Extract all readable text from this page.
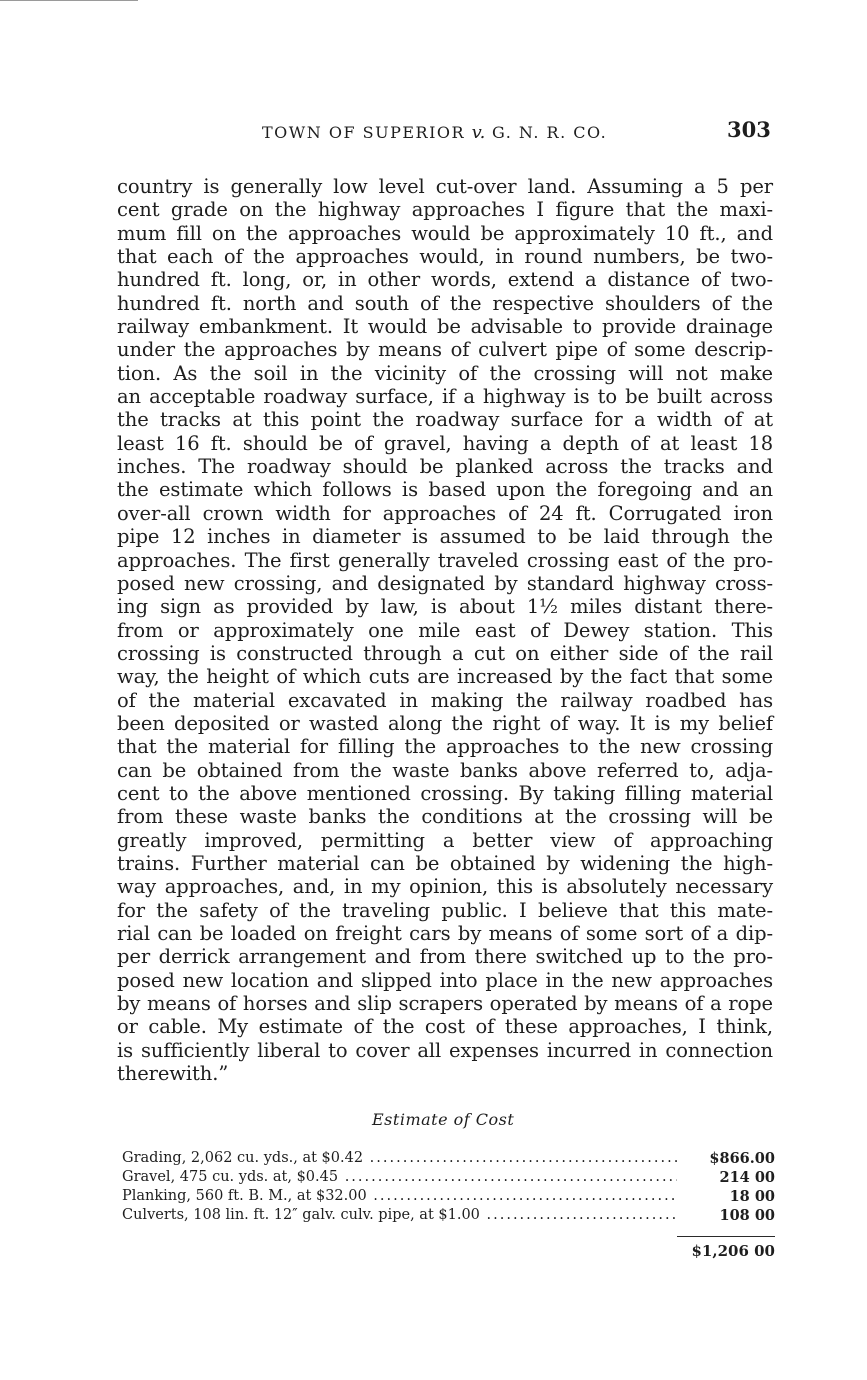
TOWN OF SUPERIOR v. G. N. R. CO.	303
country is generally low level cut-over land. Assuming a 5 per
cent grade on the highway approaches I figure that the maxi-
mum fill on the approaches would be approximately 10 ft., and
that each of the approaches would, in round numbers, be two-
hundred ft. long, or, in other words, extend a distance of two-
hundred ft. north and south of the respective shoulders of the
railway embankment. It would be advisable to provide drainage
under the approaches by means of culvert pipe of some descrip-
tion. As the soil in the vicinity of the crossing will not make
an acceptable roadway surface, if a highway is to be built across
the tracks at this point the roadway surface for a width of at
least 16 ft. should be of gravel, having a depth of at least 18
inches. The roadway should be planked across the tracks and
the estimate which follows is based upon the foregoing and an
over-all crown width for approaches of 24 ft. Corrugated iron
pipe 12 inches in diameter is assumed to be laid through the
approaches. The first generally traveled crossing east of the pro-
posed new crossing, and designated by standard highway cross-
ing sign as provided by law, is about 1½ miles distant there-
from or approximately one mile east of Dewey station. This
crossing is constructed through a cut on either side of the rail
way, the height of which cuts are increased by the fact that some
of the material excavated in making the railway roadbed has
been deposited or wasted along the right of way. It is my belief
that the material for filling the approaches to the new crossing
can be obtained from the waste banks above referred to, adja-
cent to the above mentioned crossing. By taking filling material
from these waste banks the conditions at the crossing will be
greatly improved, permitting a better view of approaching
trains. Further material can be obtained by widening the high-
way approaches, and, in my opinion, this is absolutely necessary
for the safety of the traveling public. I believe that this mate-
rial can be loaded on freight cars by means of some sort of a dip-
per derrick arrangement and from there switched up to the pro-
posed new location and slipped into place in the new approaches
by means of horses and slip scrapers operated by means of a rope
or cable. My estimate of the cost of these approaches, I think,
is sufficiently liberal to cover all expenses incurred in connection
therewith.”
Estimate of Cost
Grading, 2,062 cu. yds., at $0.42 .....	$866.00
Gravel, 475 cu. yds. at, $0.45 .....	214 00
Planking, 560 ft. B. M., at $32.00 .....	18 00
Culverts, 108 lin. ft. 12″ galv. culv. pipe, at $1.00 .....	108 00
$1,206 00
